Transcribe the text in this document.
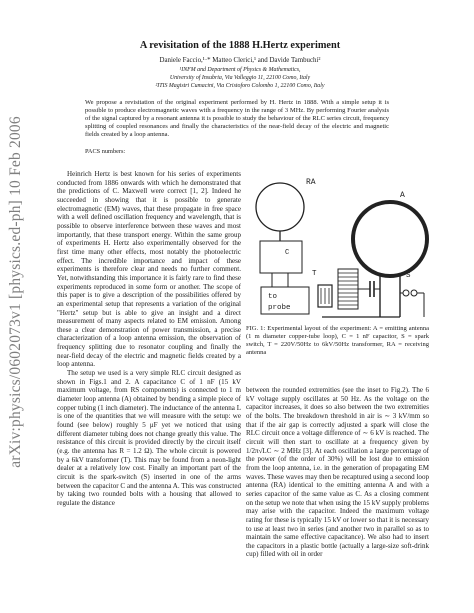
arXiv:physics/0602073v1 [physics.ed-ph] 10 Feb 2006
A revisitation of the 1888 H.Hertz experiment
Daniele Faccio,¹·* Matteo Clerici,¹ and Davide Tambuchi²
¹INFM and Department of Physics & Mathematics,
University of Insubria, Via Valleggio 11, 22100 Como, Italy
²ITIS Magistri Cumacini, Via Cristoforo Colombo 1, 22100 Como, Italy
We propose a revisitation of the original experiment performed by H. Hertz in 1888. With a simple setup it is possible to produce electromagnetic waves with a frequency in the range of 3 MHz. By performing Fourier analysis of the signal captured by a resonant antenna it is possible to study the behaviour of the RLC series circuit, frequency splitting of coupled resonances and finally the characteristics of the near-field decay of the electric and magnetic fields created by a loop antenna.
PACS numbers:

Heinrich Hertz is best known for his series of experiments conducted from 1886 onwards with which he demonstrated that the predictions of C. Maxwell were correct [1, 2]. Indeed he succeeded in showing that it is possible to generate electromagnetic (EM) waves, that these propagate in free space with a well defined oscillation frequency and wavelength, that is possible to observe interference between these waves and most importantly, that these transport energy. Within the same group of experiments H. Hertz also experimentally observed for the first time many other effects, most notably the photoelectric effect. The incredible importance and impact of these experiments is therefore clear and needs no further comment. Yet, notwithstanding this importance it is fairly rare to find these experiments reproduced in some form or another. The scope of this paper is to give a description of the possibilities offered by an experimental setup that represents a variation of the original "Hertz" setup but is able to give an insight and a direct measurement of many aspects related to EM emission. Among these a clear demonstration of power transmission, a precise characterization of a loop antenna emission, the observation of frequency splitting due to resonator coupling and finally the near-field decay of the electric and magnetic fields created by a loop antenna.

The setup we used is a very simple RLC circuit designed as shown in Figs.1 and 2. A capacitance C of 1 nF (15 kV maximum voltage, from RS components) is connected to 1 m diameter loop antenna (A) obtained by bending a simple piece of copper tubing (1 inch diameter). The inductance of the antenna L is one of the quantities that we will measure with the setup: we found (see below) roughly 5 μF yet we noticed that using different diameter tubing does not change greatly this value. The resistance of this circuit is provided directly by the circuit itself (e.g. the antenna has R = 1.2 Ω). The whole circuit is powered by a 6kV transformer (T). This may be found from a neon-light dealer at a relatively low cost. Finally an important part of the circuit is the spark-switch (S) inserted in one of the arms between the capacitor C and the antenna A. This was constructed by taking two rounded bolts with a housing that allowed to regulate the distance

RA
C
to
probe
A
T	S
FIG. 1: Experimental layout of the experiment: A = emitting antenna (1 m diameter copper-tube loop), C = 1 nF capacitor, S = spark switch, T = 220V/50Hz to 6kV/50Hz transformer, RA = receiving antenna

between the rounded extremities (see the inset to Fig.2). The 6 kV voltage supply oscillates at 50 Hz. As the voltage on the capacitor increases, it does so also between the two extremities of the bolts. The breakdown threshold in air is ∼ 3 kV/mm so that if the air gap is correctly adjusted a spark will close the RLC circuit once a voltage difference of ∼ 6 kV is reached. The circuit will then start to oscillate at a frequency given by 1/2π√LC ∼ 2 MHz [3]. At each oscillation a large percentage of the power (of the order of 30%) will be lost due to emission from the loop antenna, i.e. in the generation of propagating EM waves. These waves may then be recaptured using a second loop antenna (RA) identical to the emitting antenna A and with a series capacitor of the same value as C. As a closing comment on the setup we note that when using the 15 kV supply problems may arise with the capacitor. Indeed the maximum voltage rating for these is typically 15 kV or lower so that it is necessary to use at least two in series (and another two in parallel so as to maintain the same effective capacitance). We also had to insert the capacitors in a plastic bottle (actually a large-size soft-drink cup) filled with oil in order
